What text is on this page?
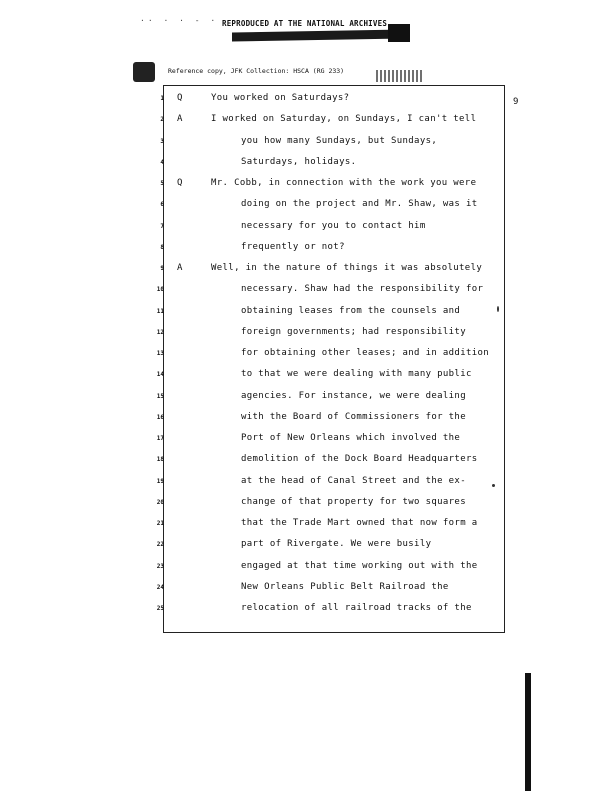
·· · · - · REPRODUCED AT THE NATIONAL ARCHIVES
Reference copy, JFK Collection: HSCA (RG 233)
9
1 Q	You worked on Saturdays?
2 A	I worked on Saturday, on Sundays, I can't tell
3	you how many Sundays, but Sundays,
4	Saturdays, holidays.
5 Q	Mr. Cobb, in connection with the work you were
6	doing on the project and Mr. Shaw, was it
7	necessary for you to contact him
8	frequently or not?
9 A	Well, in the nature of things it was absolutely
10	necessary. Shaw had the responsibility for
11	obtaining leases from the counsels and
12	foreign governments; had responsibility
13	for obtaining other leases; and in addition
14	to that we were dealing with many public
15	agencies. For instance, we were dealing
16	with the Board of Commissioners for the
17	Port of New Orleans which involved the
18	demolition of the Dock Board Headquarters
19	at the head of Canal Street and the ex-
20	change of that property for two squares
21	that the Trade Mart owned that now form a
22	part of Rivergate. We were busily
23	engaged at that time working out with the
24	New Orleans Public Belt Railroad the
25	relocation of all railroad tracks of the
